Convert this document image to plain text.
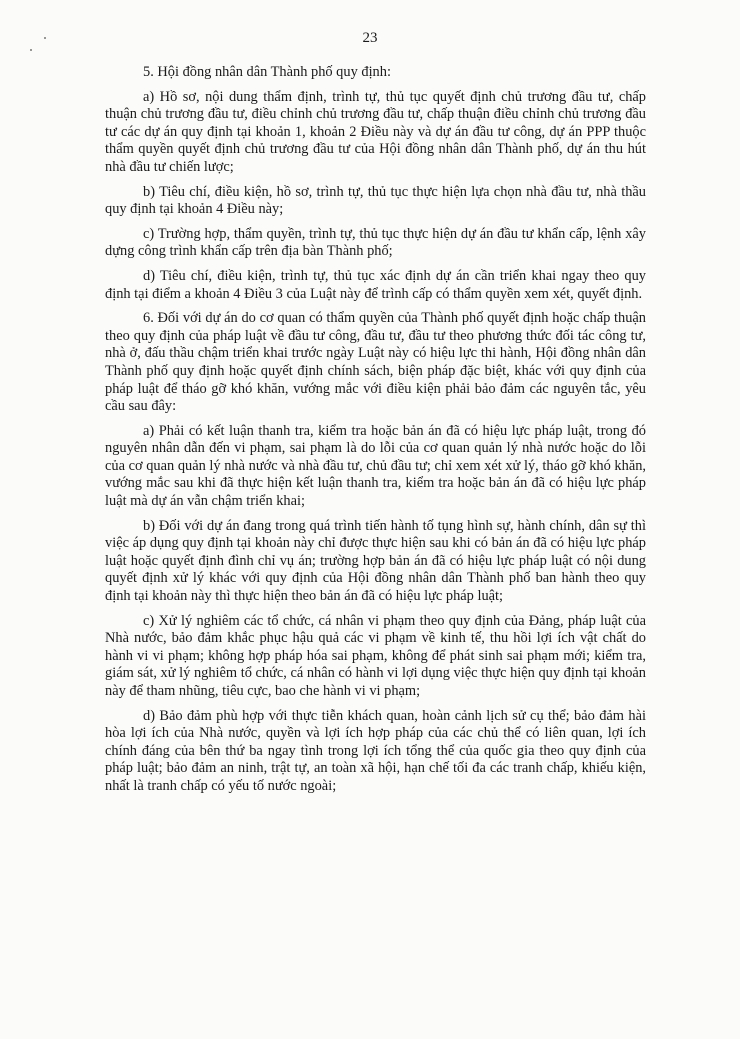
23

5. Hội đồng nhân dân Thành phố quy định:

a) Hồ sơ, nội dung thẩm định, trình tự, thủ tục quyết định chủ trương đầu tư, chấp thuận chủ trương đầu tư, điều chỉnh chủ trương đầu tư, chấp thuận điều chỉnh chủ trương đầu tư các dự án quy định tại khoản 1, khoản 2 Điều này và dự án đầu tư công, dự án PPP thuộc thẩm quyền quyết định chủ trương đầu tư của Hội đồng nhân dân Thành phố, dự án thu hút nhà đầu tư chiến lược;

b) Tiêu chí, điều kiện, hồ sơ, trình tự, thủ tục thực hiện lựa chọn nhà đầu tư, nhà thầu quy định tại khoản 4 Điều này;

c) Trường hợp, thẩm quyền, trình tự, thủ tục thực hiện dự án đầu tư khẩn cấp, lệnh xây dựng công trình khẩn cấp trên địa bàn Thành phố;

d) Tiêu chí, điều kiện, trình tự, thủ tục xác định dự án cần triển khai ngay theo quy định tại điểm a khoản 4 Điều 3 của Luật này để trình cấp có thẩm quyền xem xét, quyết định.

6. Đối với dự án do cơ quan có thẩm quyền của Thành phố quyết định hoặc chấp thuận theo quy định của pháp luật về đầu tư công, đầu tư, đầu tư theo phương thức đối tác công tư, nhà ở, đấu thầu chậm triển khai trước ngày Luật này có hiệu lực thi hành, Hội đồng nhân dân Thành phố quy định hoặc quyết định chính sách, biện pháp đặc biệt, khác với quy định của pháp luật để tháo gỡ khó khăn, vướng mắc với điều kiện phải bảo đảm các nguyên tắc, yêu cầu sau đây:

a) Phải có kết luận thanh tra, kiểm tra hoặc bản án đã có hiệu lực pháp luật, trong đó nguyên nhân dẫn đến vi phạm, sai phạm là do lỗi của cơ quan quản lý nhà nước hoặc do lỗi của cơ quan quản lý nhà nước và nhà đầu tư, chủ đầu tư; chỉ xem xét xử lý, tháo gỡ khó khăn, vướng mắc sau khi đã thực hiện kết luận thanh tra, kiểm tra hoặc bản án đã có hiệu lực pháp luật mà dự án vẫn chậm triển khai;

b) Đối với dự án đang trong quá trình tiến hành tố tụng hình sự, hành chính, dân sự thì việc áp dụng quy định tại khoản này chỉ được thực hiện sau khi có bản án đã có hiệu lực pháp luật hoặc quyết định đình chỉ vụ án; trường hợp bản án đã có hiệu lực pháp luật có nội dung quyết định xử lý khác với quy định của Hội đồng nhân dân Thành phố ban hành theo quy định tại khoản này thì thực hiện theo bản án đã có hiệu lực pháp luật;

c) Xử lý nghiêm các tổ chức, cá nhân vi phạm theo quy định của Đảng, pháp luật của Nhà nước, bảo đảm khắc phục hậu quả các vi phạm về kinh tế, thu hồi lợi ích vật chất do hành vi vi phạm; không hợp pháp hóa sai phạm, không để phát sinh sai phạm mới; kiểm tra, giám sát, xử lý nghiêm tổ chức, cá nhân có hành vi lợi dụng việc thực hiện quy định tại khoản này để tham nhũng, tiêu cực, bao che hành vi vi phạm;

d) Bảo đảm phù hợp với thực tiễn khách quan, hoàn cảnh lịch sử cụ thể; bảo đảm hài hòa lợi ích của Nhà nước, quyền và lợi ích hợp pháp của các chủ thể có liên quan, lợi ích chính đáng của bên thứ ba ngay tình trong lợi ích tổng thể của quốc gia theo quy định của pháp luật; bảo đảm an ninh, trật tự, an toàn xã hội, hạn chế tối đa các tranh chấp, khiếu kiện, nhất là tranh chấp có yếu tố nước ngoài;
